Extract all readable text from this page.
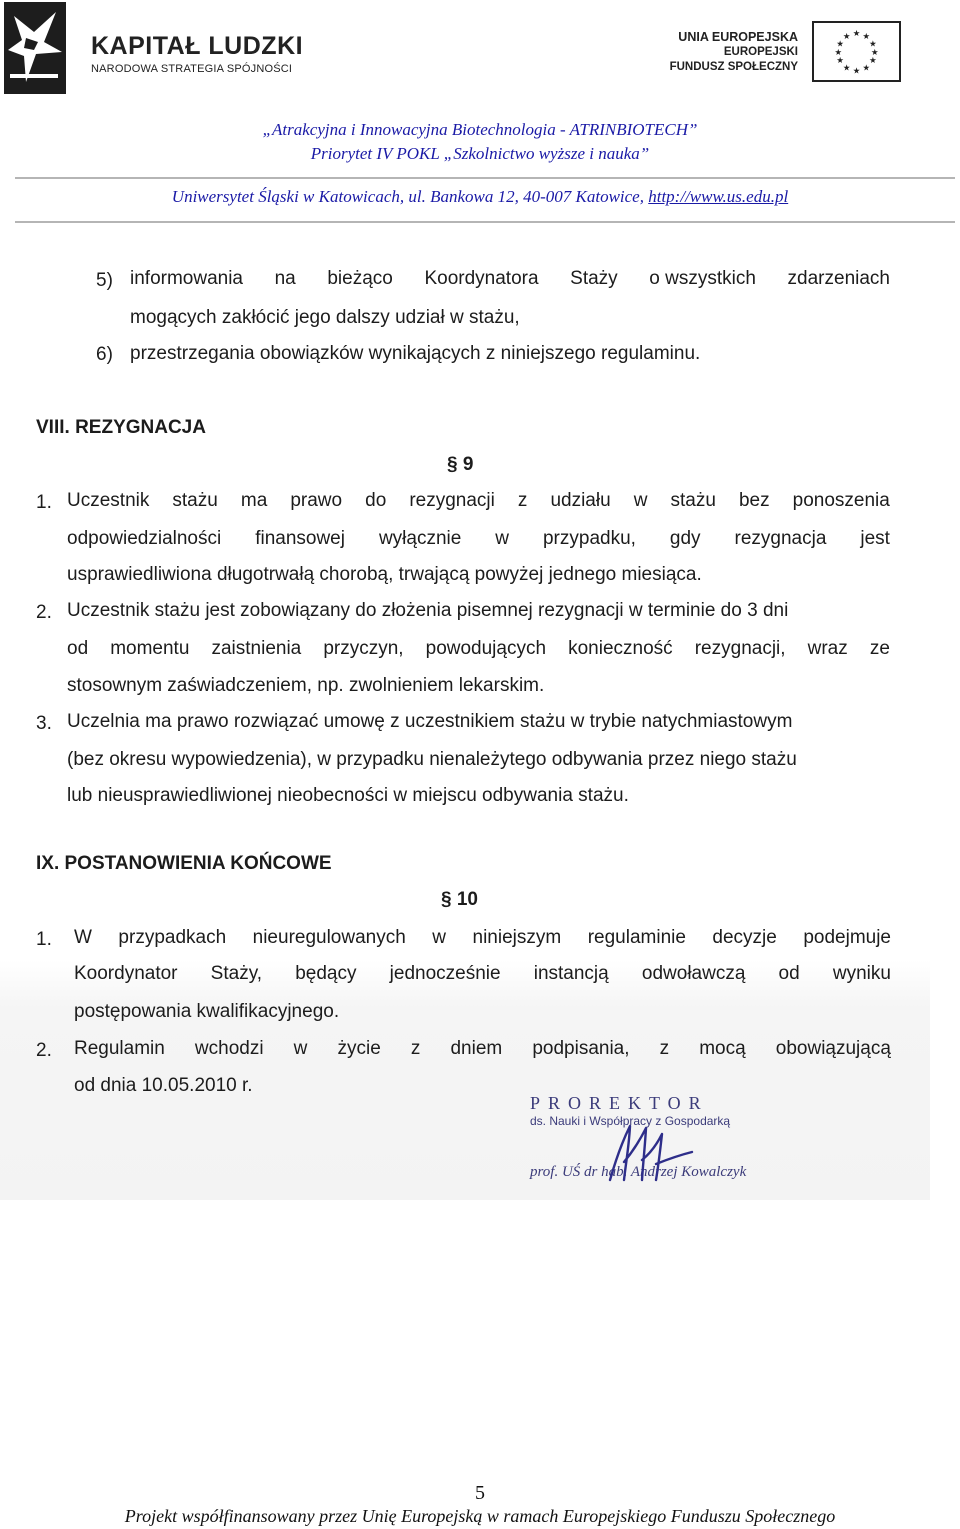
KAPITAŁ LUDZKI
NARODOWA STRATEGIA SPÓJNOŚCI
UNIA EUROPEJSKA
EUROPEJSKI
FUNDUSZ SPOŁECZNY
★ ★
★
★
★
★
★
★
★
★
★
★
„Atrakcyjna i Innowacyjna Biotechnologia - ATRINBIOTECH”
Priorytet IV POKL „Szkolnictwo wyższe i nauka”
Uniwersytet Śląski w Katowicach, ul. Bankowa 12, 40-007 Katowice, http://www.us.edu.pl
5) informowania na bieżąco Koordynatora Staży o wszystkich zdarzeniach
mogących zakłócić jego dalszy udział w stażu,
6) przestrzegania obowiązków wynikających z niniejszego regulaminu.
VIII. REZYGNACJA
§ 9
1. Uczestnik stażu ma prawo do rezygnacji z udziału w stażu bez ponoszenia
odpowiedzialności finansowej wyłącznie w przypadku, gdy rezygnacja jest
usprawiedliwiona długotrwałą chorobą, trwającą powyżej jednego miesiąca.
2. Uczestnik stażu jest zobowiązany do złożenia pisemnej rezygnacji w terminie do 3 dni
od momentu zaistnienia przyczyn, powodujących konieczność rezygnacji, wraz ze
stosownym zaświadczeniem, np. zwolnieniem lekarskim.
3. Uczelnia ma prawo rozwiązać umowę z uczestnikiem stażu w trybie natychmiastowym
(bez okresu wypowiedzenia), w przypadku nienależytego odbywania przez niego stażu
lub nieusprawiedliwionej nieobecności w miejscu odbywania stażu.
IX. POSTANOWIENIA KOŃCOWE
§ 10
1. W przypadkach nieuregulowanych w niniejszym regulaminie decyzje podejmuje
Koordynator Staży, będący jednocześnie instancją odwoławczą od wyniku
postępowania kwalifikacyjnego.
2. Regulamin wchodzi w życie z dniem podpisania, z mocą obowiązującą
od dnia 10.05.2010 r.
PROREKTOR
ds. Nauki i Współpracy z Gospodarką
prof. UŚ dr hab. Andrzej Kowalczyk
5
Projekt współfinansowany przez Unię Europejską w ramach Europejskiego Funduszu Społecznego
